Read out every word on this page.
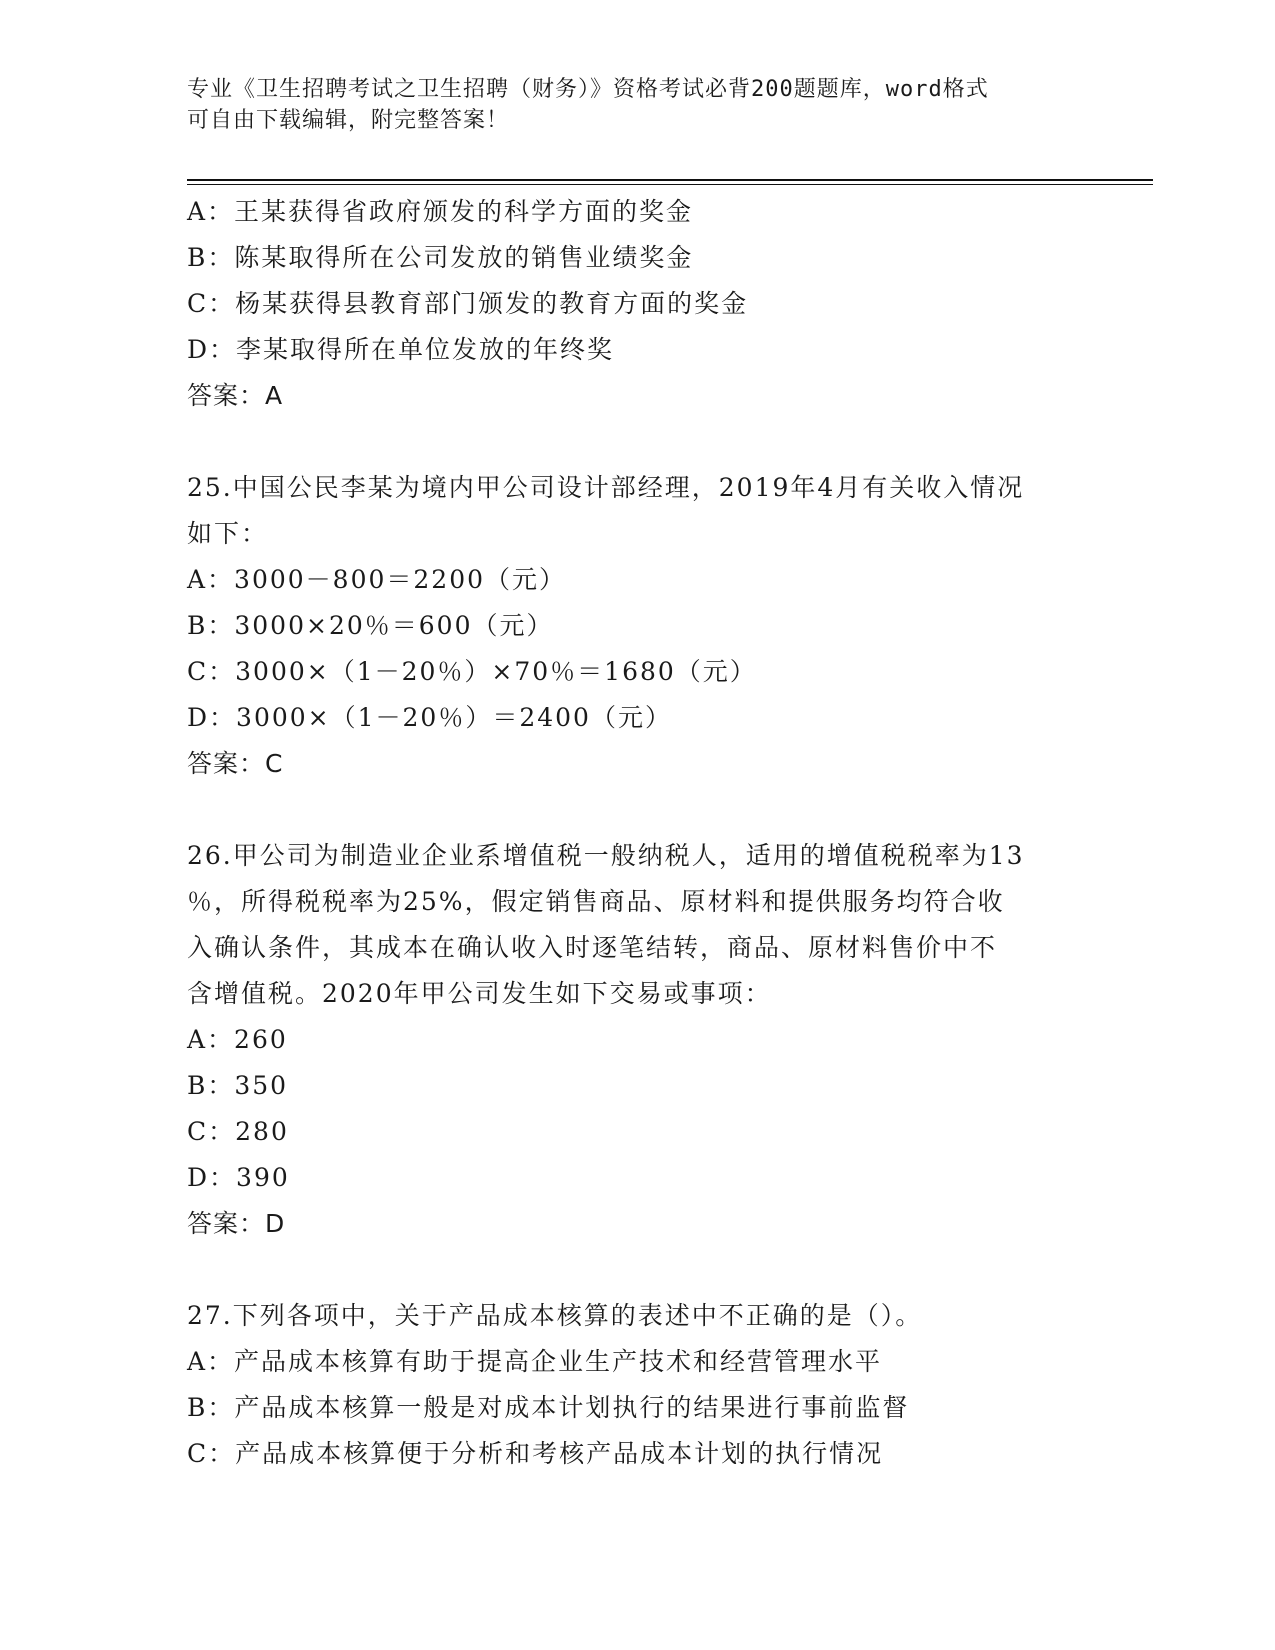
专业《卫生招聘考试之卫生招聘（财务）》资格考试必背200题题库，word格式
可自由下载编辑，附完整答案！
A：王某获得省政府颁发的科学方面的奖金
B：陈某取得所在公司发放的销售业绩奖金
C：杨某获得县教育部门颁发的教育方面的奖金
D：李某取得所在单位发放的年终奖
答案：A
25.中国公民李某为境内甲公司设计部经理，2019年4月有关收入情况
如下：
A：3000－800＝2200（元）
B：3000×20％＝600（元）
C：3000×（1－20％）×70％＝1680（元）
D：3000×（1－20％）＝2400（元）
答案：C
26.甲公司为制造业企业系增值税一般纳税人，适用的增值税税率为13
％，所得税税率为25%，假定销售商品、原材料和提供服务均符合收
入确认条件，其成本在确认收入时逐笔结转，商品、原材料售价中不
含增值税。2020年甲公司发生如下交易或事项：
A：260
B：350
C：280
D：390
答案：D
27.下列各项中，关于产品成本核算的表述中不正确的是（）。
A：产品成本核算有助于提高企业生产技术和经营管理水平
B：产品成本核算一般是对成本计划执行的结果进行事前监督
C：产品成本核算便于分析和考核产品成本计划的执行情况
